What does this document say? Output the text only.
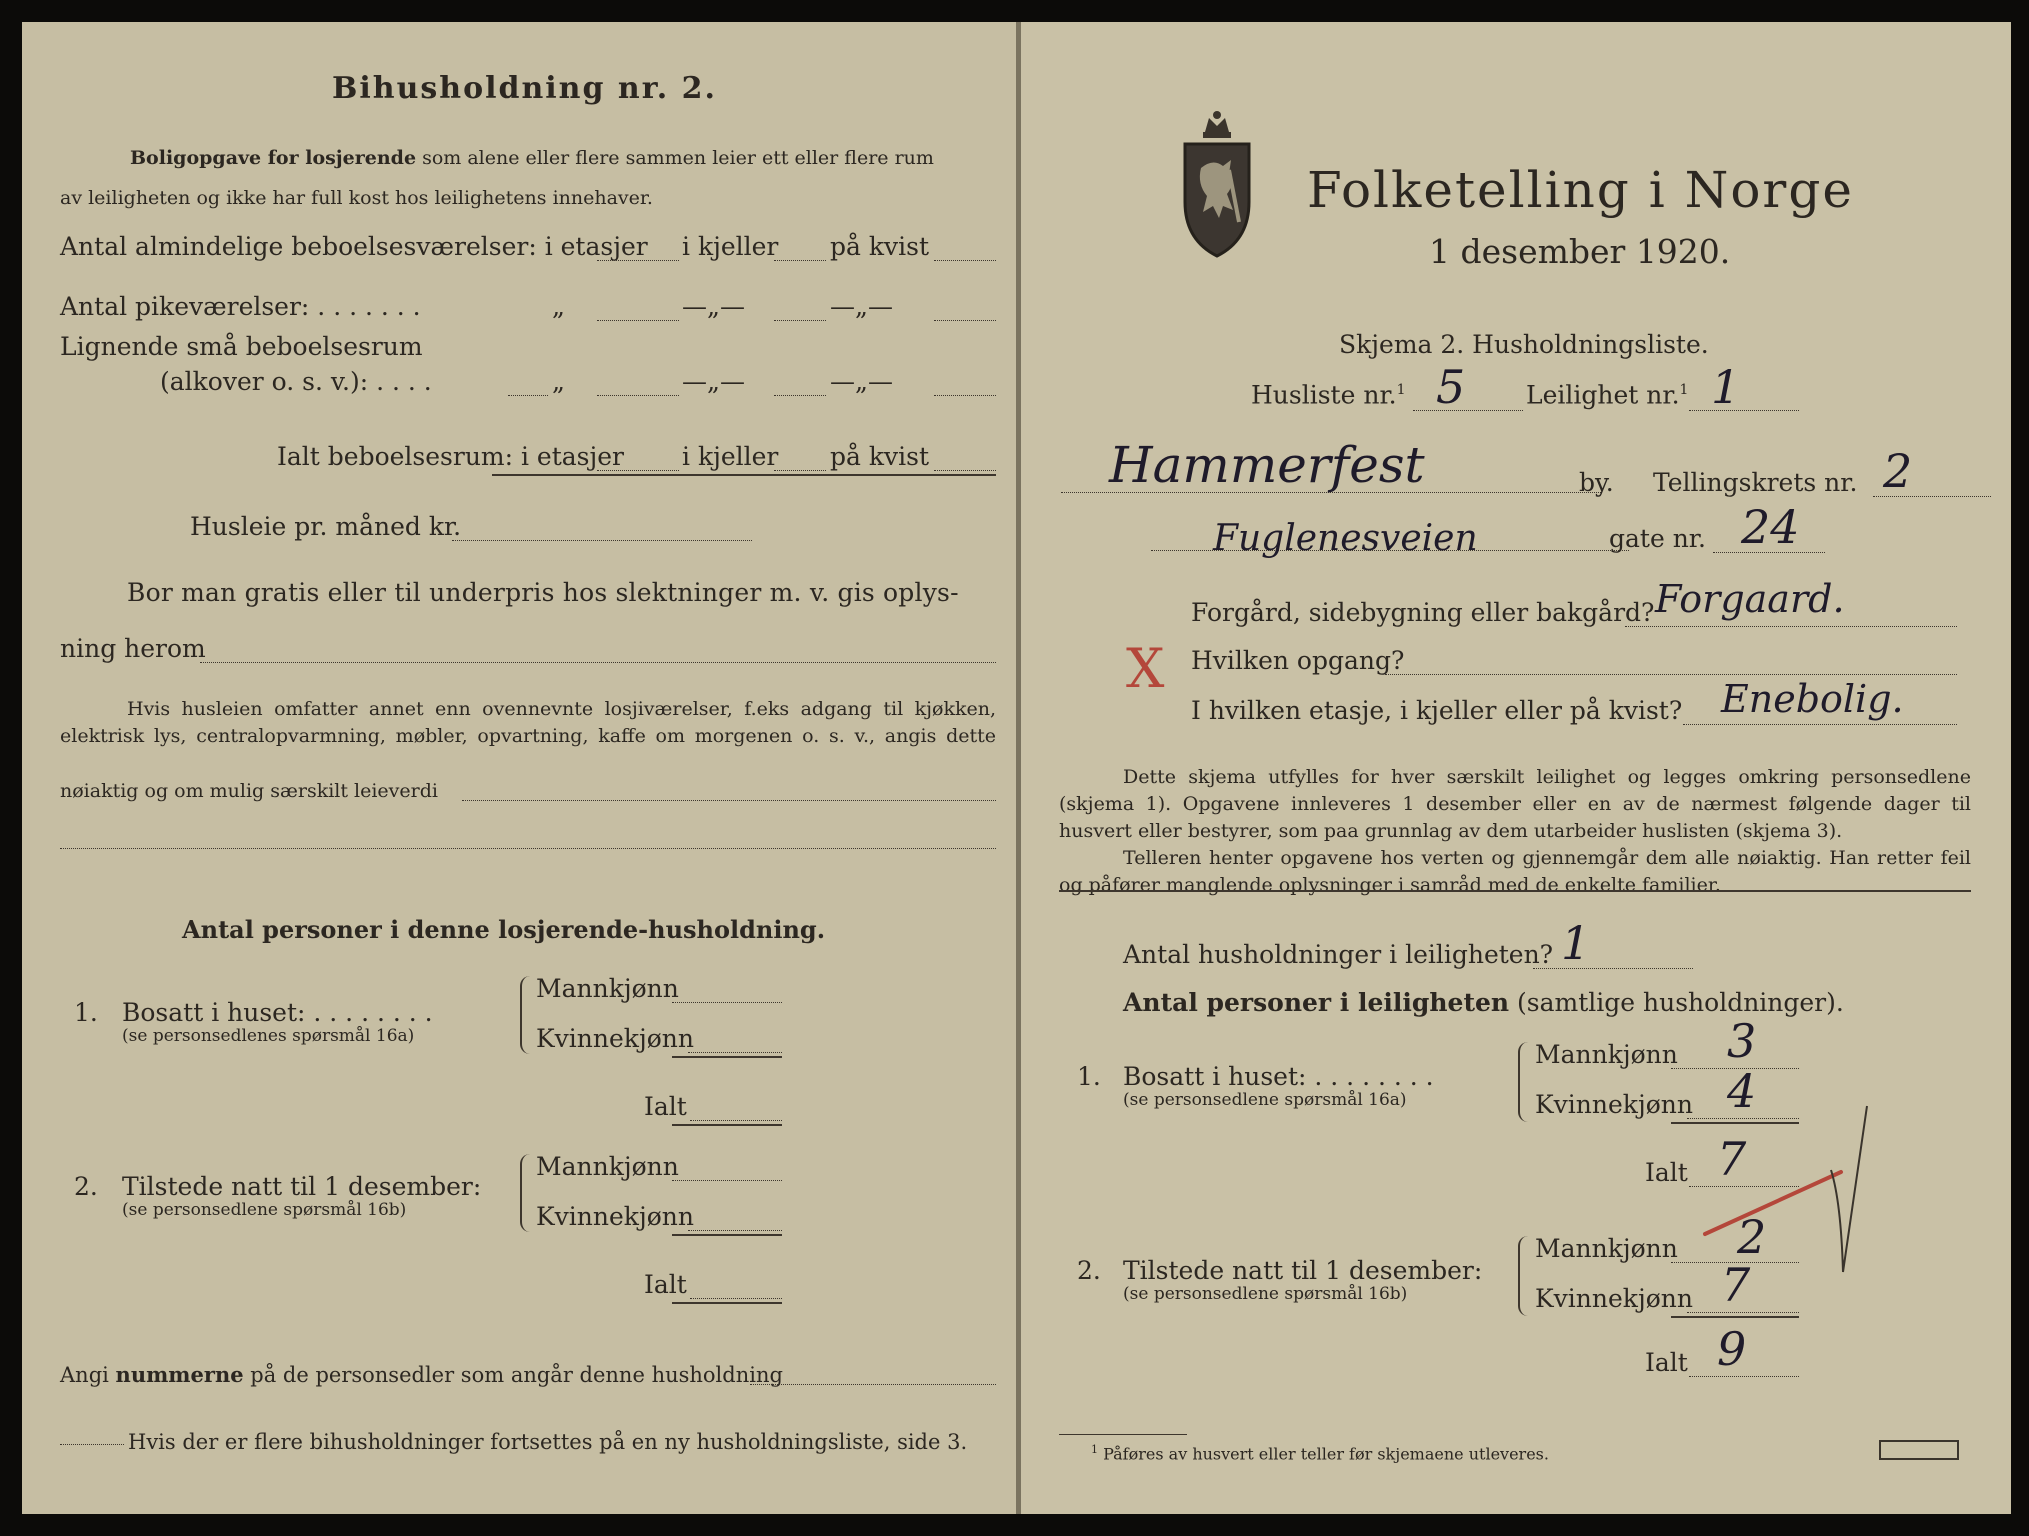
Bihusholdning nr. 2.
Boligopgave for losjerende som alene eller flere sammen leier ett eller flere rum
av leiligheten og ikke har full kost hos leilighetens innehaver.
Antal almindelige beboelsesværelser: i etasjer i kjeller på kvist
Antal pikeværelser: . . . . . . .	„	—„—	—„—
Lignende små beboelsesrum
(alkover o. s. v.): . . . .	„	—„—	—„—
Ialt beboelsesrum: i etasjer i kjeller på kvist
Husleie pr. måned kr.
Bor man gratis eller til underpris hos slektninger m. v. gis oplys-
ning herom
Hvis husleien omfatter annet enn ovennevnte losjiværelser, f.eks adgang til kjøkken, elektrisk lys, centralopvarmning, møbler, opvartning, kaffe om morgenen o. s. v., angis dette
nøiaktig og om mulig særskilt leieverdi
Antal personer i denne losjerende-husholdning.
1. Bosatt i huset: . . . . . . . .
(se personsedlenes spørsmål 16a)
Mannkjønn
Kvinnekjønn
Ialt
2. Tilstede natt til 1 desember:
(se personsedlene spørsmål 16b)
Mannkjønn
Kvinnekjønn
Ialt
Angi nummerne på de personsedler som angår denne husholdning
Hvis der er flere bihusholdninger fortsettes på en ny husholdningsliste, side 3.
Folketelling i Norge
1 desember 1920.
Skjema 2. Husholdningsliste.
Husliste nr.$^1$ 5 Leilighet nr.$^1$ 1
Hammerfest	by. Tellingskrets nr. 2
Fuglenesveien	gate nr. 24
Forgård, sidebygning eller bakgård? Forgaard.
X Hvilken opgang?
I hvilken etasje, i kjeller eller på kvist? Enebolig.
Dette skjema utfylles for hver særskilt leilighet og legges omkring personsedlene (skjema 1). Opgavene innleveres 1 desember eller en av de nærmest følgende dager til husvert eller bestyrer, som paa grunnlag av dem utarbeider huslisten (skjema 3).
Telleren henter opgavene hos verten og gjennemgår dem alle nøiaktig. Han retter feil og påfører manglende oplysninger i samråd med de enkelte familier.
Antal husholdninger i leiligheten? 1
Antal personer i leiligheten (samtlige husholdninger).
1. Bosatt i huset: . . . . . . . .
(se personsedlene spørsmål 16a)
Mannkjønn 3
Kvinnekjønn 4
Ialt 7
2. Tilstede natt til 1 desember:
(se personsedlene spørsmål 16b)
Mannkjønn 2
Kvinnekjønn 7
Ialt 9
$^1$ Påføres av husvert eller teller før skjemaene utleveres.
